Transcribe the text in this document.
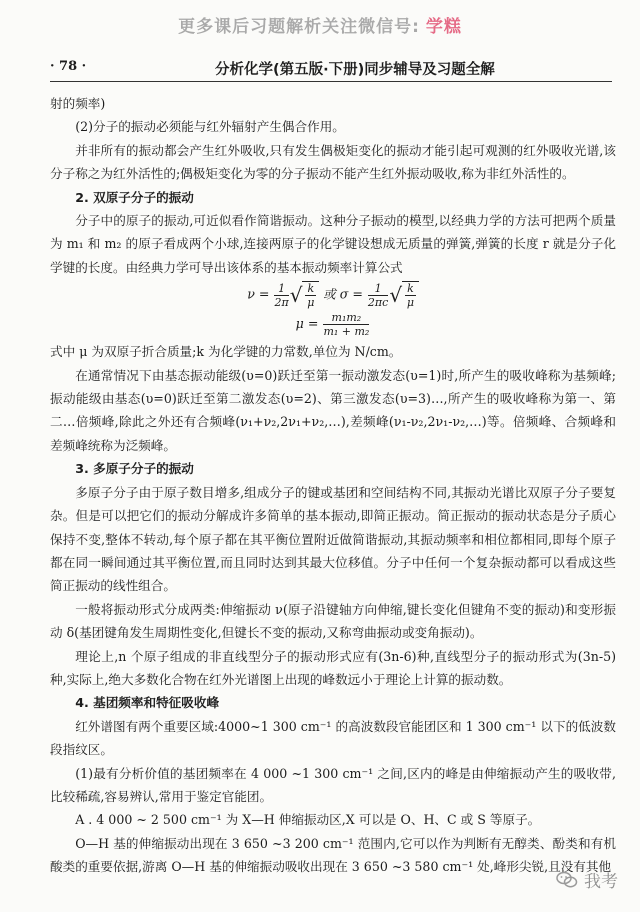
更多课后习题解析关注微信号: 学糕
· 78 ·	分析化学(第五版·下册)同步辅导及习题全解

射的频率)

(2)分子的振动必须能与红外辐射产生偶合作用。

并非所有的振动都会产生红外吸收,只有发生偶极矩变化的振动才能引起可观测的红外吸收光谱,该分子称之为红外活性的;偶极矩变化为零的分子振动不能产生红外振动吸收,称为非红外活性的。

2. 双原子分子的振动

分子中的原子的振动,可近似看作简谐振动。这种分子振动的模型,以经典力学的方法可把两个质量为 m₁ 和 m₂ 的原子看成两个小球,连接两原子的化学键设想成无质量的弹簧,弹簧的长度 r 就是分子化学键的长度。由经典力学可导出该体系的基本振动频率计算公式

$\nu = \frac{1}{2\pi}$ √ $\frac{k}{\mu}$ 或 $\sigma = \frac{1}{2\pi c}$ √ $\frac{k}{\mu}$
$\mu = \frac{\text{m₁m₂}}{\text{m₁ + m₂}}$

式中 μ 为双原子折合质量;k 为化学键的力常数,单位为 N/cm。

在通常情况下由基态振动能级(υ=0)跃迁至第一振动激发态(υ=1)时,所产生的吸收峰称为基频峰;振动能级由基态(υ=0)跃迁至第二激发态(υ=2)、第三激发态(υ=3)…,所产生的吸收峰称为第一、第二…倍频峰,除此之外还有合频峰(ν₁+ν₂,2ν₁+ν₂,…),差频峰(ν₁-ν₂,2ν₁-ν₂,…)等。倍频峰、合频峰和差频峰统称为泛频峰。

3. 多原子分子的振动

多原子分子由于原子数目增多,组成分子的键或基团和空间结构不同,其振动光谱比双原子分子要复杂。但是可以把它们的振动分解成许多简单的基本振动,即简正振动。简正振动的振动状态是分子质心保持不变,整体不转动,每个原子都在其平衡位置附近做简谐振动,其振动频率和相位都相同,即每个原子都在同一瞬间通过其平衡位置,而且同时达到其最大位移值。分子中任何一个复杂振动都可以看成这些简正振动的线性组合。

一般将振动形式分成两类:伸缩振动 ν(原子沿键轴方向伸缩,键长变化但键角不变的振动)和变形振动 δ(基团键角发生周期性变化,但键长不变的振动,又称弯曲振动或变角振动)。

理论上,n 个原子组成的非直线型分子的振动形式应有(3n-6)种,直线型分子的振动形式为(3n-5)种,实际上,绝大多数化合物在红外光谱图上出现的峰数远小于理论上计算的振动数。

4. 基团频率和特征吸收峰

红外谱图有两个重要区域:4000~1 300 cm⁻¹ 的高波数段官能团区和 1 300 cm⁻¹ 以下的低波数段指纹区。

(1)最有分析价值的基团频率在 4 000 ~1 300 cm⁻¹ 之间,区内的峰是由伸缩振动产生的吸收带,比较稀疏,容易辨认,常用于鉴定官能团。

A . 4 000 ~ 2 500 cm⁻¹ 为 X—H 伸缩振动区,X 可以是 O、H、C 或 S 等原子。

O—H 基的伸缩振动出现在 3 650 ~3 200 cm⁻¹ 范围内,它可以作为判断有无醇类、酚类和有机酸类的重要依据,游离 O—H 基的伸缩振动吸收出现在 3 650 ~3 580 cm⁻¹ 处,峰形尖锐,且没有其他

我考
